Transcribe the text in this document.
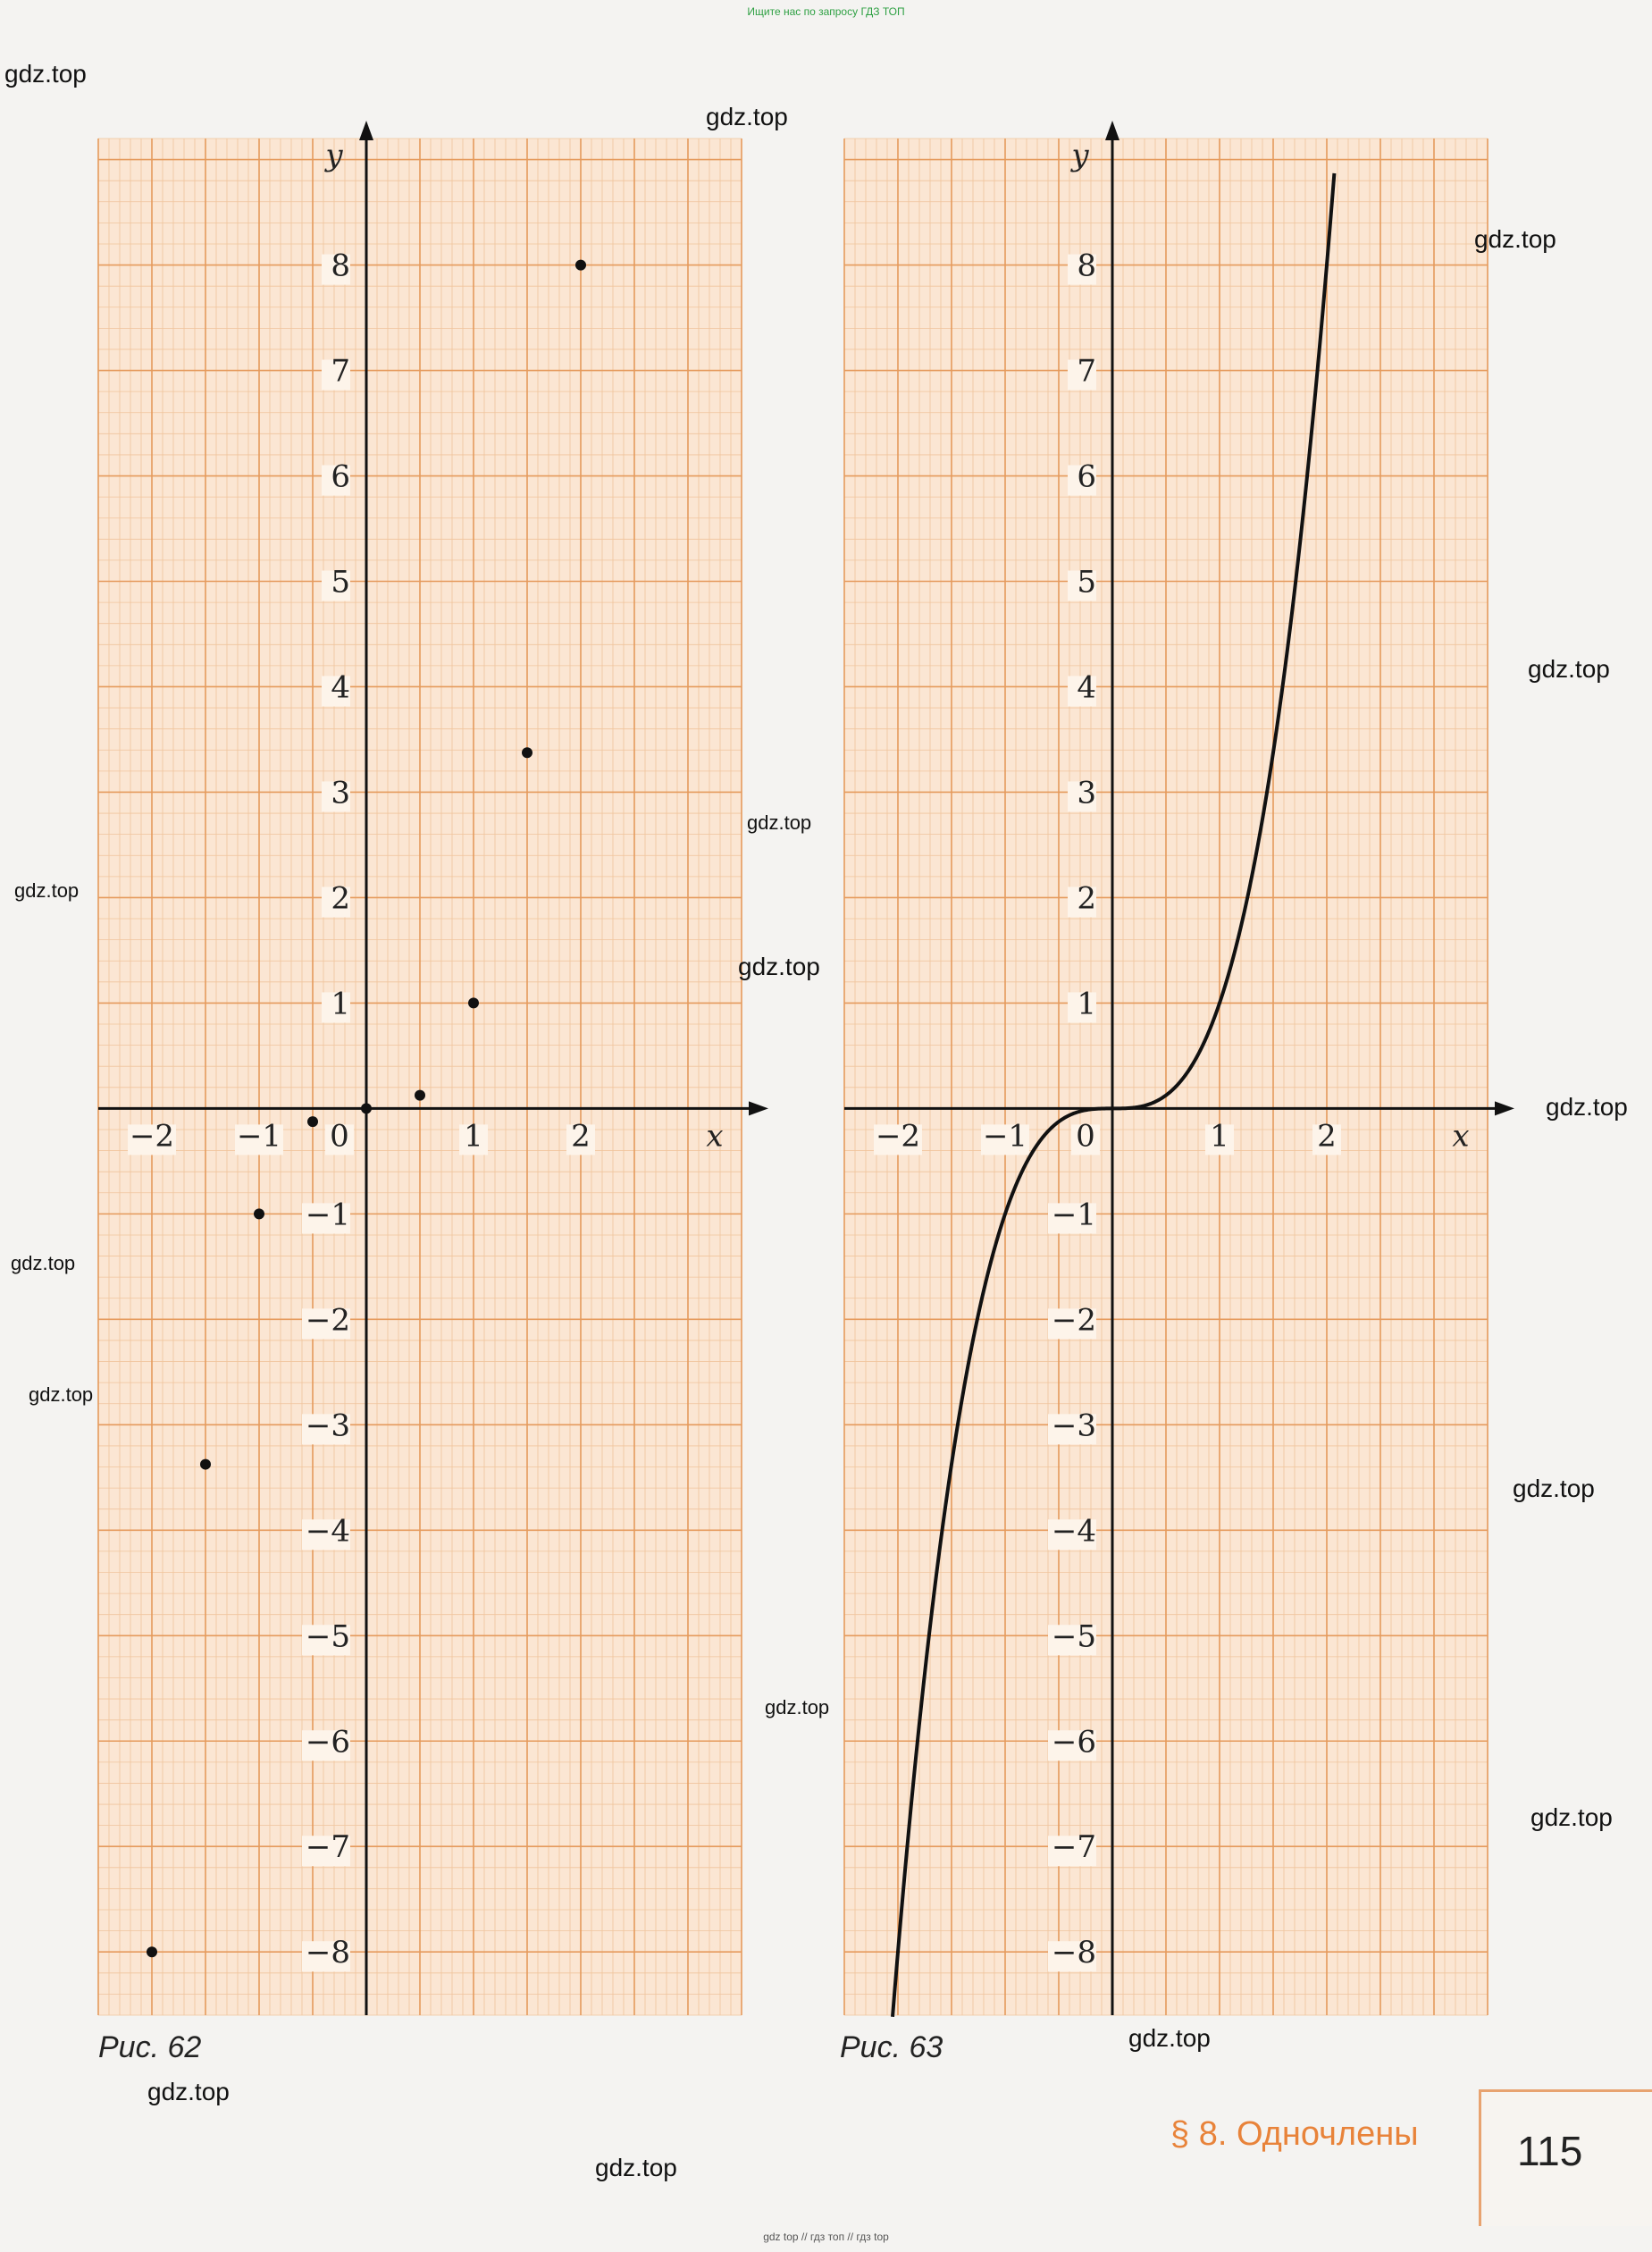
Ищите нас по запросу ГДЗ ТОП
−2 −1 0	1	2
8
7
6
5
4
3
2
1
−1
−2
−3
−4
−5
−6
−7
−8
x
y
Рис. 62
−2 −1 0	1	2
8
7
6
5
4
3
2
1
−1
−2
−3
−4
−5
−6
−7
−8
x
y
Рис. 63
§ 8. Одночлены 115
gdz.top
gdz.top
gdz.top
gdz.top
gdz.top
gdz.top
gdz.top
gdz.top
gdz.top
gdz.top
gdz.top
gdz.top
gdz.top
gdz.top
gdz.top
gdz.top
gdz top // гдз топ // гдз top
